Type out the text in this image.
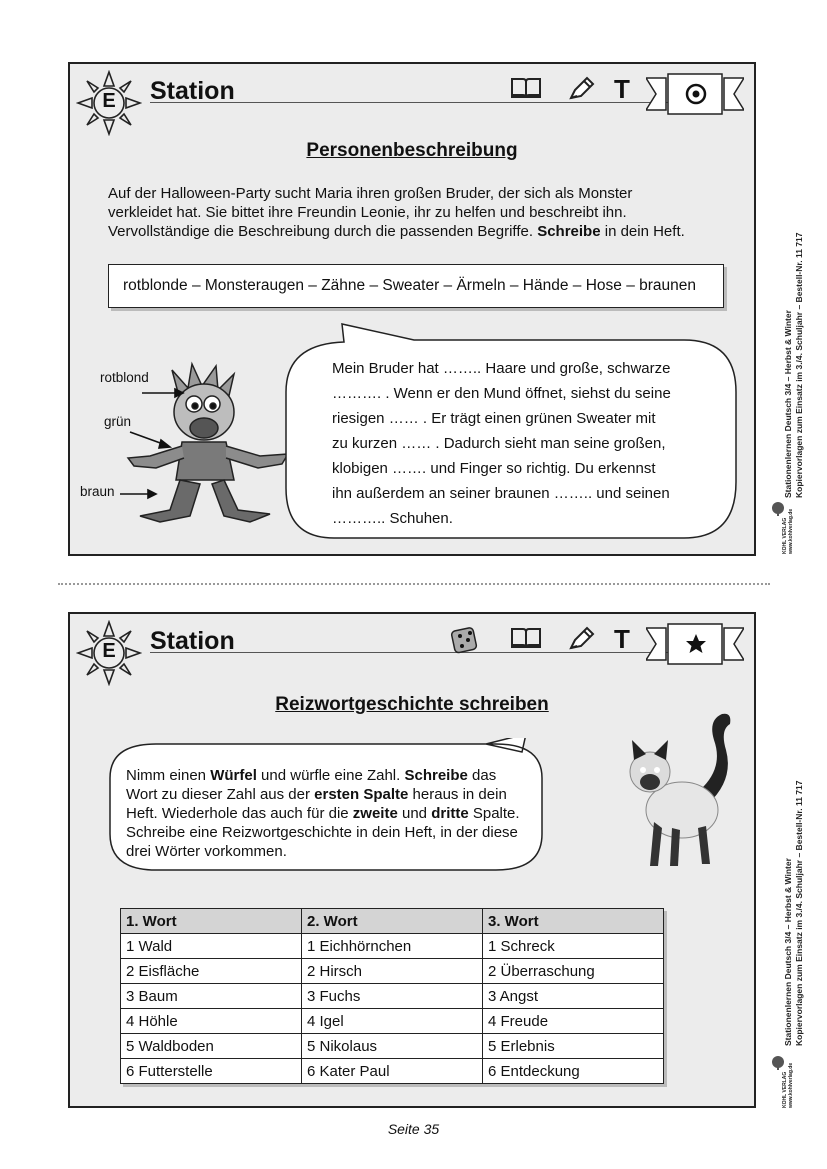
E Station	T
Personenbeschreibung
Auf der Halloween-Party sucht Maria ihren großen Bruder, der sich als Monster
verkleidet hat. Sie bittet ihre Freundin Leonie, ihr zu helfen und beschreibt ihn.
Vervollständige die Beschreibung durch die passenden Begriffe. Schreibe in dein Heft.
rotblonde – Monsteraugen – Zähne – Sweater – Ärmeln – Hände – Hose – braunen
rotblond
grün
braun
Mein Bruder hat …….. Haare und große, schwarze
………. . Wenn er den Mund öffnet, siehst du seine
riesigen …… . Er trägt einen grünen Sweater mit
zu kurzen …… . Dadurch sieht man seine großen,
klobigen ……. und Finger so richtig. Du erkennst
ihn außerdem an seiner braunen …….. und seinen
……….. Schuhen.
Stationenlernen Deutsch 3/4 – Herbst & Winter Kopiervorlagen zum Einsatz im 3./4. Schuljahr – Bestell-Nr. 11 717
KOHL VERLAG www.kohlverlag.de
E Station	T
Reizwortgeschichte schreiben
Nimm einen Würfel und würfle eine Zahl. Schreibe das
Wort zu dieser Zahl aus der ersten Spalte heraus in dein
Heft. Wiederhole das auch für die zweite und dritte Spalte.
Schreibe eine Reizwortgeschichte in dein Heft, in der diese
drei Wörter vorkommen.
1. Wort	2. Wort	3. Wort
1 Wald	1 Eichhörnchen	1 Schreck
2 Eisfläche	2 Hirsch	2 Überraschung
3 Baum	3 Fuchs	3 Angst
4 Höhle	4 Igel	4 Freude
5 Waldboden	5 Nikolaus	5 Erlebnis
6 Futterstelle	6 Kater Paul	6 Entdeckung
Stationenlernen Deutsch 3/4 – Herbst & Winter Kopiervorlagen zum Einsatz im 3./4. Schuljahr – Bestell-Nr. 11 717
KOHL VERLAG www.kohlverlag.de
Seite 35
